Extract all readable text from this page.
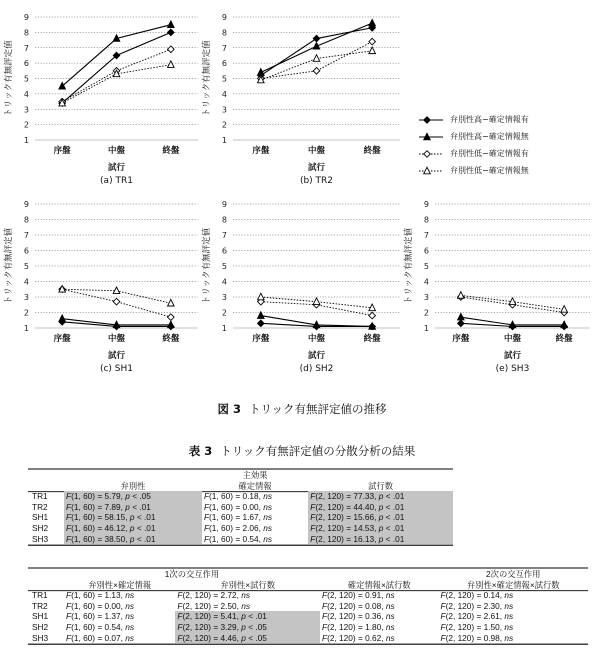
1
2
3
4
5
6
7
8
9
序盤	中盤	終盤
試行
(a) TR1
トリック有無評定値
1
2
3
4
5
6
7
8
9
序盤	中盤	終盤
試行
(b) TR2
トリック有無評定値
1
2
3
4
5
6
7
8
9
序盤	中盤	終盤
試行
(c) SH1
トリック有無評定値
1
2
3
4
5
6
7
8
9
序盤	中盤	終盤
試行
(d) SH2
トリック有無評定値
1
2
3
4
5
6
7
8
9
序盤	中盤	終盤
試行
(e) SH3
トリック有無評定値
弁別性高−確定情報有
弁別性高−確定情報無
弁別性低−確定情報有
弁別性低−確定情報無
図 3 トリック有無評定値の推移
表 3 トリック有無評定値の分散分析の結果
		主効果	
	弁別性	確定情報	試行数
TR1	F(1, 60) = 5.79, p < .05	F(1, 60) = 0.18, ns	F(2, 120) = 77.33, p < .01
TR2	F(1, 60) = 7.89, p < .01	F(1, 60) = 0.00, ns	F(2, 120) = 44.40, p < .01
SH1	F(1, 60) = 58.15, p < .01	F(1, 60) = 1.67, ns	F(2, 120) = 15.66, p < .01
SH2	F(1, 60) = 46.12, p < .01	F(1, 60) = 2.06, ns	F(2, 120) = 14.53, p < .01
SH3	F(1, 60) = 38.50, p < .01	F(1, 60) = 0.54, ns	F(2, 120) = 16.13, p < .01
	1次の交互作用			2次の交互作用
	弁別性×確定情報	弁別性×試行数	確定情報×試行数	弁別性×確定情報×試行数
TR1	F(1, 60) = 1.13, ns	F(2, 120) = 2.72, ns	F(2, 120) = 0.91, ns	F(2, 120) = 0.14, ns
TR2	F(1, 60) = 0.00, ns	F(2, 120) = 2.50, ns	F(2, 120) = 0.08, ns	F(2, 120) = 2.30, ns
SH1	F(1, 60) = 1.37, ns	F(2, 120) = 5.41, p < .01	F(2, 120) = 0.36, ns	F(2, 120) = 2.61, ns
SH2	F(1, 60) = 0.54, ns	F(2, 120) = 3.29, p < .05	F(2, 120) = 1.80, ns	F(2, 120) = 1.50, ns
SH3	F(1, 60) = 0.07, ns	F(2, 120) = 4.46, p < .05	F(2, 120) = 0.62, ns	F(2, 120) = 0.98, ns
